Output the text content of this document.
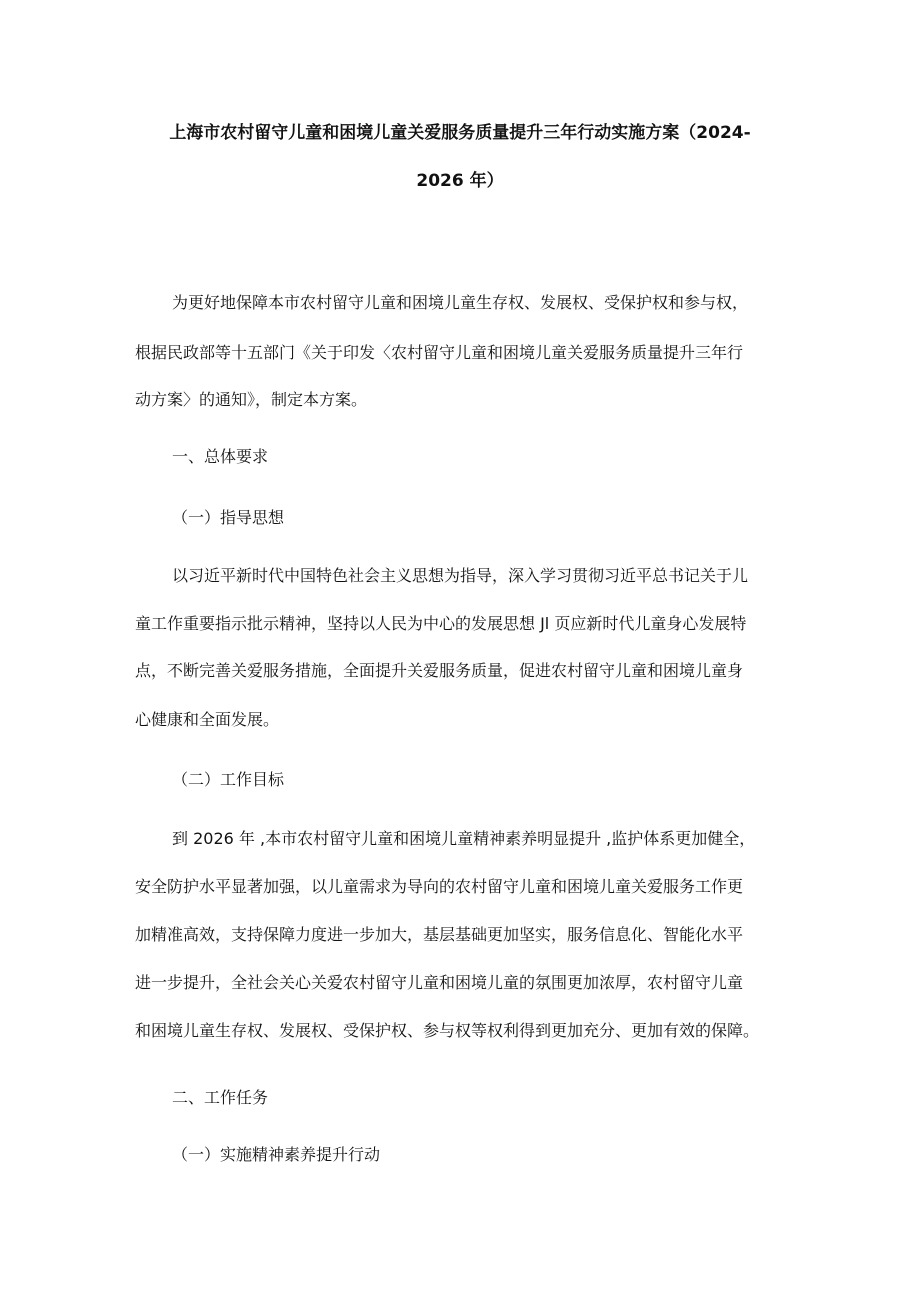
上海市农村留守儿童和困境儿童关爱服务质量提升三年行动实施方案（2024-
2026 年）
为更好地保障本市农村留守儿童和困境儿童生存权、发展权、受保护权和参与权，
根据民政部等十五部门《关于印发〈农村留守儿童和困境儿童关爱服务质量提升三年行
动方案〉的通知》，制定本方案。
一、总体要求
（一）指导思想
以习近平新时代中国特色社会主义思想为指导，深入学习贯彻习近平总书记关于儿
童工作重要指示批示精神，坚持以人民为中心的发展思想 Jl 页应新时代儿童身心发展特
点，不断完善关爱服务措施，全面提升关爱服务质量，促进农村留守儿童和困境儿童身
心健康和全面发展。
（二）工作目标
到 2026 年 ,本市农村留守儿童和困境儿童精神素养明显提升 ,监护体系更加健全，
安全防护水平显著加强，以儿童需求为导向的农村留守儿童和困境儿童关爱服务工作更
加精准高效，支持保障力度进一步加大，基层基础更加坚实，服务信息化、智能化水平
进一步提升，全社会关心关爱农村留守儿童和困境儿童的氛围更加浓厚，农村留守儿童
和困境儿童生存权、发展权、受保护权、参与权等权利得到更加充分、更加有效的保障。
二、工作任务
（一）实施精神素养提升行动
